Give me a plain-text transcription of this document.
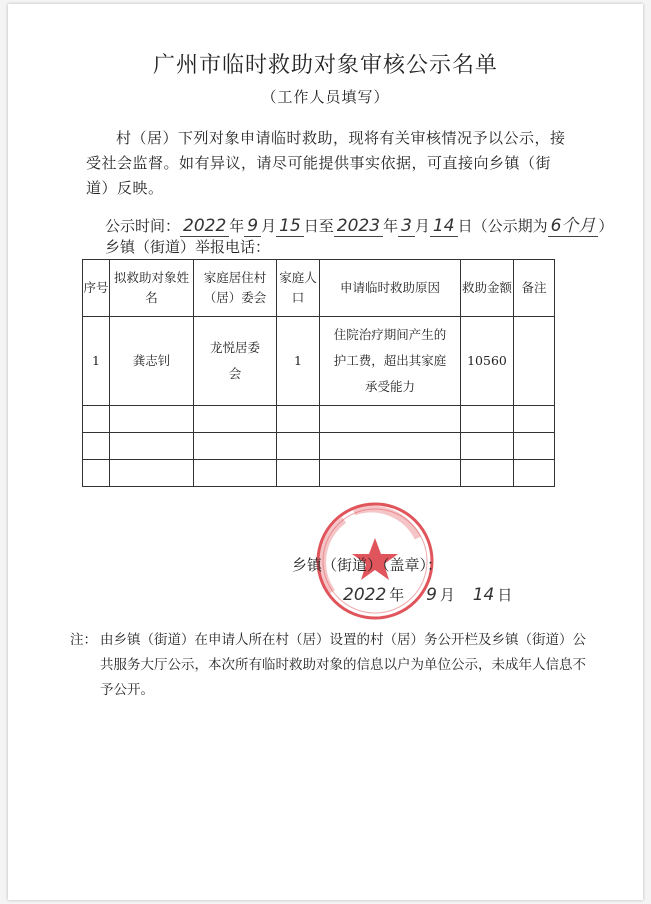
广州市临时救助对象审核公示名单
（工作人员填写）
村（居）下列对象申请临时救助，现将有关审核情况予以公示，接受社会监督。如有异议，请尽可能提供事实依据，可直接向乡镇（街道）反映。
公示时间： 2022 年 9 月 15 日至 2023 年 3 月 14 日（公示期为 6个月 ）
乡镇（街道）举报电话：
序号	拟救助对象姓名	家庭居住村（居）委会	家庭人口	申请临时救助原因	救助金额	备注
1	龚志钊	龙悦居委会	1	住院治疗期间产生的护工费，超出其家庭承受能力	10560	

乡镇（街道）（盖章）：
2022 年 9 月 14 日
注： 由乡镇（街道）在申请人所在村（居）设置的村（居）务公开栏及乡镇（街道）公共服务大厅公示，本次所有临时救助对象的信息以户为单位公示，未成年人信息不予公开。
